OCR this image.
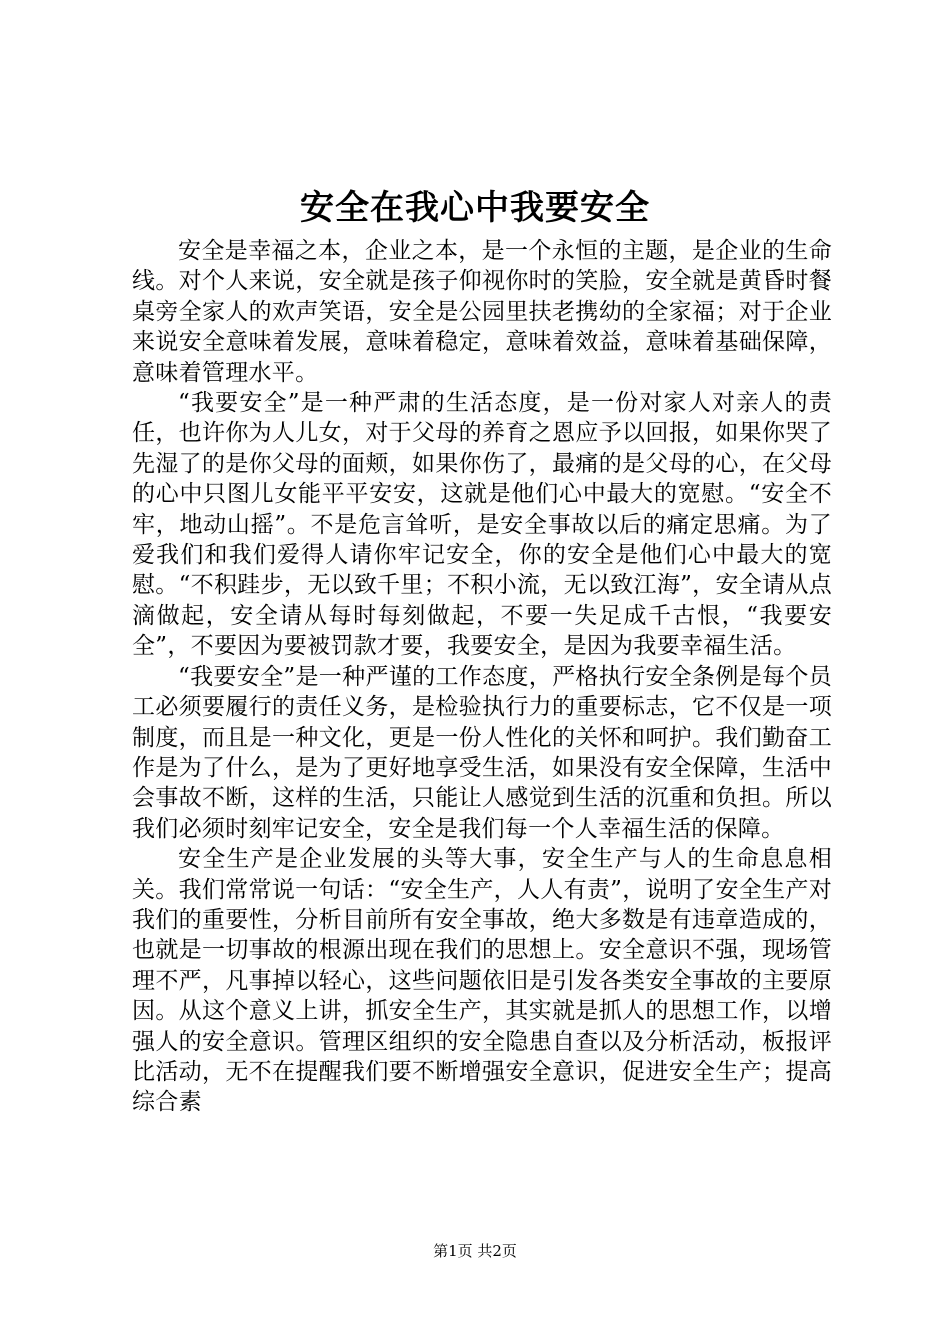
安全在我心中我要安全

安全是幸福之本，企业之本，是一个永恒的主题，是企业的生命线。对个人来说，安全就是孩子仰视你时的笑脸，安全就是黄昏时餐桌旁全家人的欢声笑语，安全是公园里扶老携幼的全家福；对于企业来说安全意味着发展，意味着稳定，意味着效益，意味着基础保障，意味着管理水平。

“我要安全”是一种严肃的生活态度，是一份对家人对亲人的责任，也许你为人儿女，对于父母的养育之恩应予以回报，如果你哭了先湿了的是你父母的面颊，如果你伤了，最痛的是父母的心，在父母的心中只图儿女能平平安安，这就是他们心中最大的宽慰。“安全不牢，地动山摇”。不是危言耸听，是安全事故以后的痛定思痛。为了爱我们和我们爱得人请你牢记安全，你的安全是他们心中最大的宽慰。“不积跬步，无以致千里；不积小流，无以致江海”，安全请从点滴做起，安全请从每时每刻做起，不要一失足成千古恨，“我要安全”，不要因为要被罚款才要，我要安全，是因为我要幸福生活。

“我要安全”是一种严谨的工作态度，严格执行安全条例是每个员工必须要履行的责任义务，是检验执行力的重要标志，它不仅是一项制度，而且是一种文化，更是一份人性化的关怀和呵护。我们勤奋工作是为了什么，是为了更好地享受生活，如果没有安全保障，生活中会事故不断，这样的生活，只能让人感觉到生活的沉重和负担。所以我们必须时刻牢记安全，安全是我们每一个人幸福生活的保障。

安全生产是企业发展的头等大事，安全生产与人的生命息息相关。我们常常说一句话：“安全生产，人人有责”，说明了安全生产对我们的重要性，分析目前所有安全事故，绝大多数是有违章造成的，也就是一切事故的根源出现在我们的思想上。安全意识不强，现场管理不严，凡事掉以轻心，这些问题依旧是引发各类安全事故的主要原因。从这个意义上讲，抓安全生产，其实就是抓人的思想工作，以增强人的安全意识。管理区组织的安全隐患自查以及分析活动，板报评比活动，无不在提醒我们要不断增强安全意识，促进安全生产；提高综合素

第1页 共2页
